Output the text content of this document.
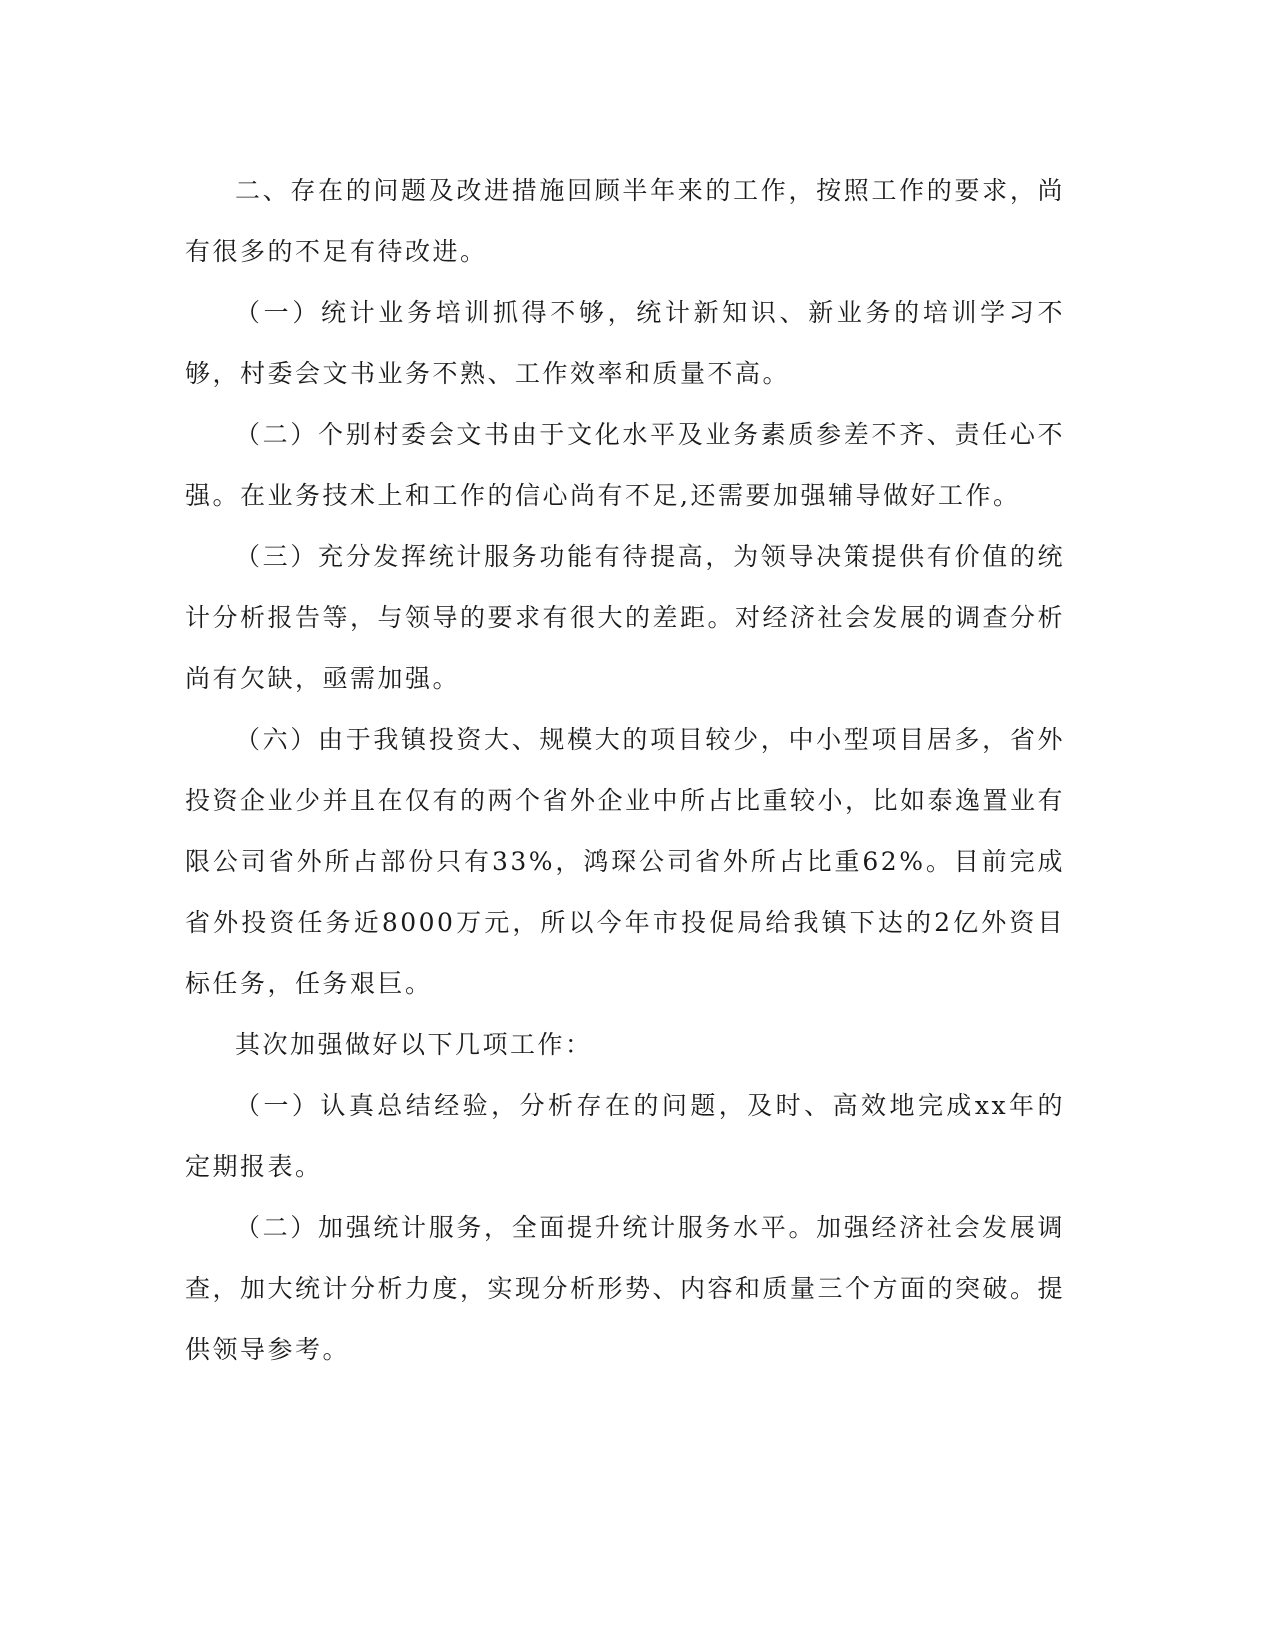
二、存在的问题及改进措施回顾半年来的工作，按照工作的要求，尚有很多的不足有待改进。

（一）统计业务培训抓得不够，统计新知识、新业务的培训学习不够，村委会文书业务不熟、工作效率和质量不高。

（二）个别村委会文书由于文化水平及业务素质参差不齐、责任心不强。在业务技术上和工作的信心尚有不足,还需要加强辅导做好工作。

（三）充分发挥统计服务功能有待提高，为领导决策提供有价值的统计分析报告等，与领导的要求有很大的差距。对经济社会发展的调查分析尚有欠缺，亟需加强。

（六）由于我镇投资大、规模大的项目较少，中小型项目居多，省外投资企业少并且在仅有的两个省外企业中所占比重较小，比如泰逸置业有限公司省外所占部份只有33%，鸿琛公司省外所占比重62%。目前完成省外投资任务近8000万元，所以今年市投促局给我镇下达的2亿外资目标任务，任务艰巨。

其次加强做好以下几项工作：

（一）认真总结经验，分析存在的问题，及时、高效地完成xx年的定期报表。

（二）加强统计服务，全面提升统计服务水平。加强经济社会发展调查，加大统计分析力度，实现分析形势、内容和质量三个方面的突破。提供领导参考。
